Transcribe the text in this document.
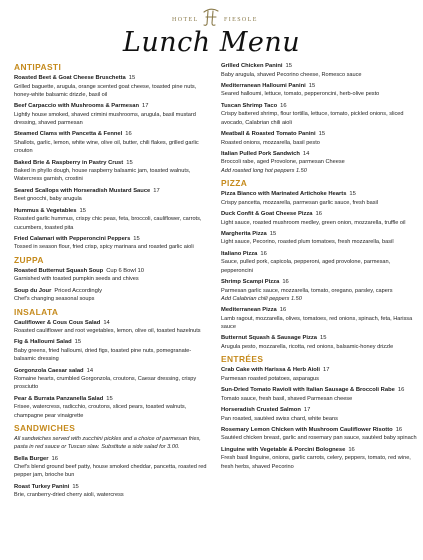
HOTEL	FIESOLE
Lunch Menu
ANTIPASTI
Roasted Beet & Goat Cheese Bruschetta 15
Grilled baguette, arugula, orange scented goat cheese, toasted pine nuts, honey-white balsamic drizzle, basil oil
Beef Carpaccio with Mushrooms & Parmesan 17
Lightly house smoked, shaved crimini mushrooms, arugula, basil mustard dressing, shaved parmesan
Steamed Clams with Pancetta & Fennel 16
Shallots, garlic, lemon, white wine, olive oil, butter, chili flakes, grilled garlic crouton
Baked Brie & Raspberry in Pastry Crust 15
Baked in phyllo dough, house raspberry balsamic jam, toasted walnuts, Watercress garnish, crostini
Seared Scallops with Horseradish Mustard Sauce 17
Beet gnocchi, baby arugula
Hummus & Vegetables 15
Roasted garlic hummus, crispy chic peas, feta, broccoli, cauliflower, carrots, cucumbers, toasted pita
Fried Calamari with Pepperoncini Peppers 15
Tossed in season flour, fried crisp, spicy marinara and roasted garlic aioli
ZUPPA
Roasted Butternut Squash Soup Cup 6 Bowl 10
Garnished with toasted pumpkin seeds and chives
Soup du Jour Priced Accordingly
Chef's changing seasonal soups
INSALATA
Cauliflower & Cous Cous Salad 14
Roasted cauliflower and root vegetables, lemon, olive oil, toasted hazelnuts
Fig & Halloumi Salad 15
Baby greens, fried halloumi, dried figs, toasted pine nuts, pomegranate-balsamic dressing
Gorgonzola Caesar salad 14
Romaine hearts, crumbled Gorgonzola, croutons, Caesar dressing, crispy prosciutto
Pear & Burrata Panzanella Salad 15
Frisee, watercress, radicchio, croutons, sliced pears, toasted walnuts, champagne pear vinaigrette
SANDWICHES
All sandwiches served with zucchini pickles and a choice of parmesan fries, pasta in red sauce or Tuscan slaw. Substitute a side salad for 3.00.
Bella Burger 16
Chef's blend ground beef patty, house smoked cheddar, pancetta, roasted red pepper jam, brioche bun
Roast Turkey Panini 15
Brie, cranberry-dried cherry aioli, watercress
Grilled Chicken Panini 15
Baby arugula, shaved Pecorino cheese, Romesco sauce
Mediterranean Halloumi Panini 15
Seared halloumi, lettuce, tomato, pepperoncini, herb-olive pesto
Tuscan Shrimp Taco 16
Crispy battered shrimp, flour tortilla, lettuce, tomato, pickled onions, sliced avocado, Calabrian chili aioli
Meatball & Roasted Tomato Panini 15
Roasted onions, mozzarella, basil pesto
Italian Pulled Pork Sandwich 14
Broccoli rabe, aged Provolone, parmesan Cheese
Add roasted long hot peppers 1.50
PIZZA
Pizza Bianco with Marinated Artichoke Hearts 15
Crispy pancetta, mozzarella, parmesan garlic sauce, fresh basil
Duck Confit & Goat Cheese Pizza 16
Light sauce, roasted mushroom medley, green onion, mozzarella, truffle oil
Margherita Pizza 15
Light sauce, Pecorino, roasted plum tomatoes, fresh mozzarella, basil
Italiano Pizza 16
Sauce, pulled pork, capicola, pepperoni, aged provolone, parmesan, pepperoncini
Shrimp Scampi Pizza 16
Parmesan garlic sauce, mozzarella, tomato, oregano, parsley, capers
Add Calabrian chili peppers 1.50
Mediterranean Pizza 16
Lamb ragout, mozzarella, olives, tomatoes, red onions, spinach, feta, Harissa sauce
Butternut Squash & Sausage Pizza 15
Arugula pesto, mozzarella, ricotta, red onions, balsamic-honey drizzle
ENTRÉES
Crab Cake with Harissa & Herb Aioli 17
Parmesan roasted potatoes, asparagus
Sun-Dried Tomato Ravioli with Italian Sausage & Broccoli Rabe 16
Tomato sauce, fresh basil, shaved Parmesan cheese
Horseradish Crusted Salmon 17
Pan roasted, sautéed swiss chard, white beans
Rosemary Lemon Chicken with Mushroom Cauliflower Risotto 16
Sautéed chicken breast, garlic and rosemary pan sauce, sautéed baby spinach
Linguine with Vegetable & Porcini Bolognese 16
Fresh basil linguine, onions, garlic carrots, celery, peppers, tomato, red wine, fresh herbs, shaved Pecorino
